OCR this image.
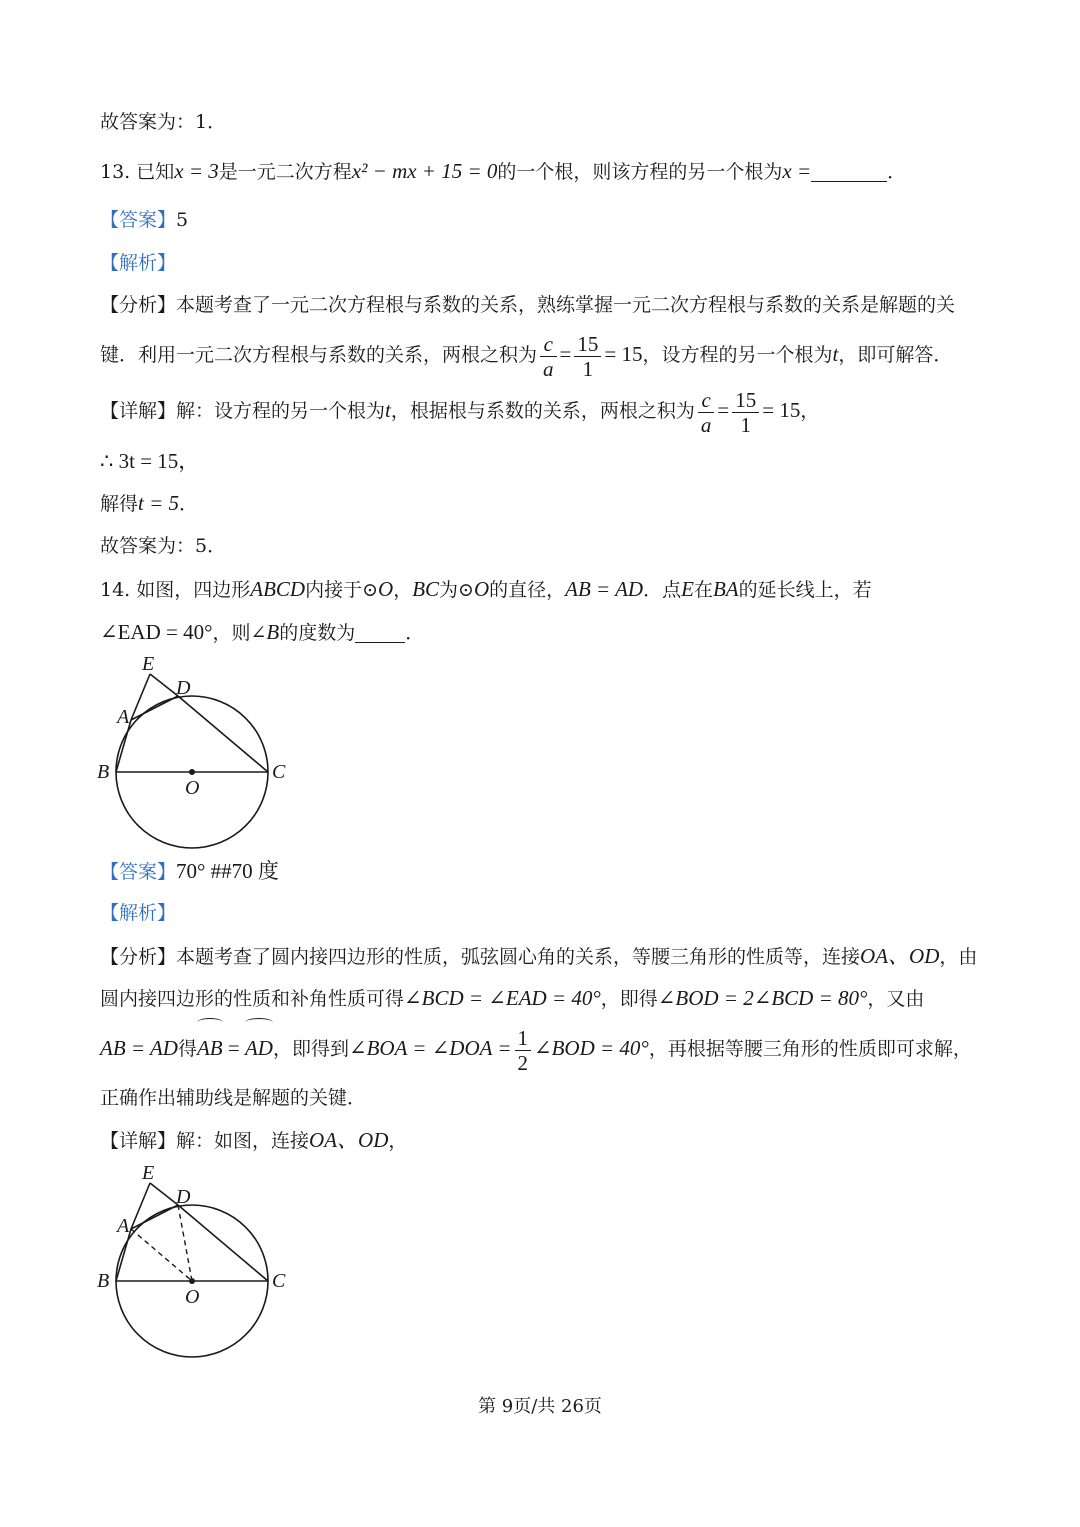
故答案为：1．
13. 已知x = 3是一元二次方程x² − mx + 15 = 0的一个根，则该方程的另一个根为x =	．
【答案】5
【解析】
【分析】本题考查了一元二次方程根与系数的关系，熟练掌握一元二次方程根与系数的关系是解题的关
键．利用一元二次方程根与系数的关系，两根之积为 $\frac{c}{a} = \frac{15}{1} = 15$，设方程的另一个根为t，即可解答．
【详解】解：设方程的另一个根为t，根据根与系数的关系，两根之积为 $\frac{c}{a} = \frac{15}{1} = 15$，
∴ 3t = 15，
解得t = 5．
故答案为：5．
14. 如图，四边形ABCD内接于⊙O，BC为⊙O的直径，AB = AD．点E在BA的延长线上，若
∠EAD = 40°，则∠B的度数为	．
E
D
A
B	C
O
【答案】70° ##70 度
【解析】
【分析】本题考查了圆内接四边形的性质，弧弦圆心角的关系，等腰三角形的性质等，连接OA、OD，由
圆内接四边形的性质和补角性质可得∠BCD = ∠EAD = 40°，即得∠BOD = 2∠BCD = 80°，又由
AB = AD得AB = AD，即得到∠BOA = ∠DOA = $\frac{1}{2}$ ∠BOD = 40°，再根据等腰三角形的性质即可求解，
正确作出辅助线是解题的关键．
【详解】解：如图，连接OA、OD，
E
D
A
B	C
O
第 9页/共 26页
